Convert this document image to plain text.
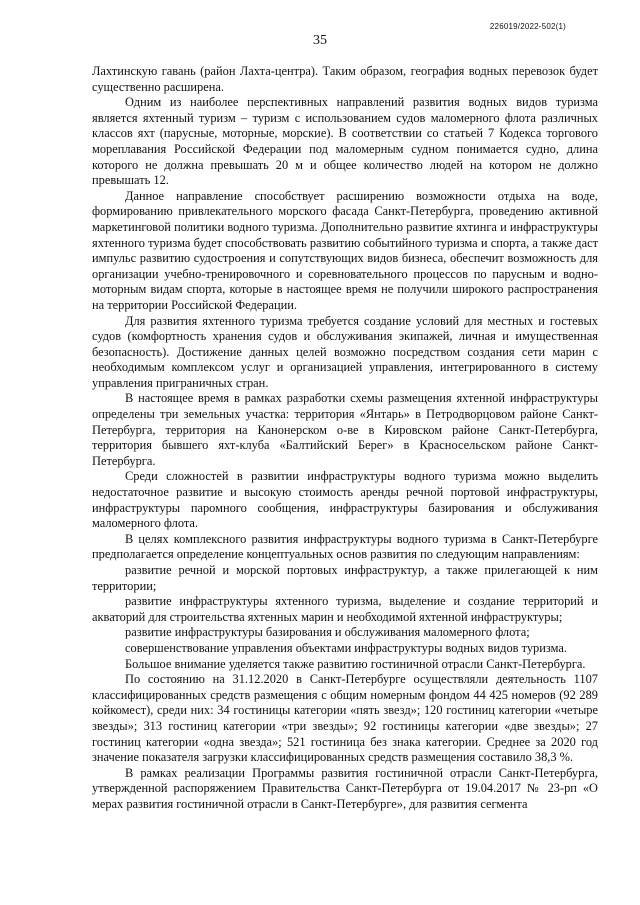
226019/2022-502(1)
35

Лахтинскую гавань (район Лахта-центра). Таким образом, география водных перевозок будет существенно расширена.

Одним из наиболее перспективных направлений развития водных видов туризма является яхтенный туризм – туризм с использованием судов маломерного флота различных классов яхт (парусные, моторные, морские). В соответствии со статьей 7 Кодекса торгового мореплавания Российской Федерации под маломерным судном понимается судно, длина которого не должна превышать 20 м и общее количество людей на котором не должно превышать 12.

Данное направление способствует расширению возможности отдыха на воде, формированию привлекательного морского фасада Санкт-Петербурга, проведению активной маркетинговой политики водного туризма. Дополнительно развитие яхтинга и инфраструктуры яхтенного туризма будет способствовать развитию событийного туризма и спорта, а также даст импульс развитию судостроения и сопутствующих видов бизнеса, обеспечит возможность для организации учебно-тренировочного и соревновательного процессов по парусным и водно-моторным видам спорта, которые в настоящее время не получили широкого распространения на территории Российской Федерации.

Для развития яхтенного туризма требуется создание условий для местных и гостевых судов (комфортность хранения судов и обслуживания экипажей, личная и имущественная безопасность). Достижение данных целей возможно посредством создания сети марин с необходимым комплексом услуг и организацией управления, интегрированного в систему управления приграничных стран.

В настоящее время в рамках разработки схемы размещения яхтенной инфраструктуры определены три земельных участка: территория «Янтарь» в Петродворцовом районе Санкт-Петербурга, территория на Канонерском о-ве в Кировском районе Санкт-Петербурга, территория бывшего яхт-клуба «Балтийский Берег» в Красносельском районе Санкт-Петербурга.

Среди сложностей в развитии инфраструктуры водного туризма можно выделить недостаточное развитие и высокую стоимость аренды речной портовой инфраструктуры, инфраструктуры паромного сообщения, инфраструктуры базирования и обслуживания маломерного флота.

В целях комплексного развития инфраструктуры водного туризма в Санкт-Петербурге предполагается определение концептуальных основ развития по следующим направлениям:

развитие речной и морской портовых инфраструктур, а также прилегающей к ним территории;

развитие инфраструктуры яхтенного туризма, выделение и создание территорий и акваторий для строительства яхтенных марин и необходимой яхтенной инфраструктуры;

развитие инфраструктуры базирования и обслуживания маломерного флота;

совершенствование управления объектами инфраструктуры водных видов туризма.

Большое внимание уделяется также развитию гостиничной отрасли Санкт-Петербурга.

По состоянию на 31.12.2020 в Санкт-Петербурге осуществляли деятельность 1107 классифицированных средств размещения с общим номерным фондом 44 425 номеров (92 289 койкомест), среди них: 34 гостиницы категории «пять звезд»; 120 гостиниц категории «четыре звезды»; 313 гостиниц категории «три звезды»; 92 гостиницы категории «две звезды»; 27 гостиниц категории «одна звезда»; 521 гостиница без знака категории. Среднее за 2020 год значение показателя загрузки классифицированных средств размещения составило 38,3 %.

В рамках реализации Программы развития гостиничной отрасли Санкт-Петербурга, утвержденной распоряжением Правительства Санкт-Петербурга от 19.04.2017 № 23-рп «О мерах развития гостиничной отрасли в Санкт-Петербурге», для развития сегмента
